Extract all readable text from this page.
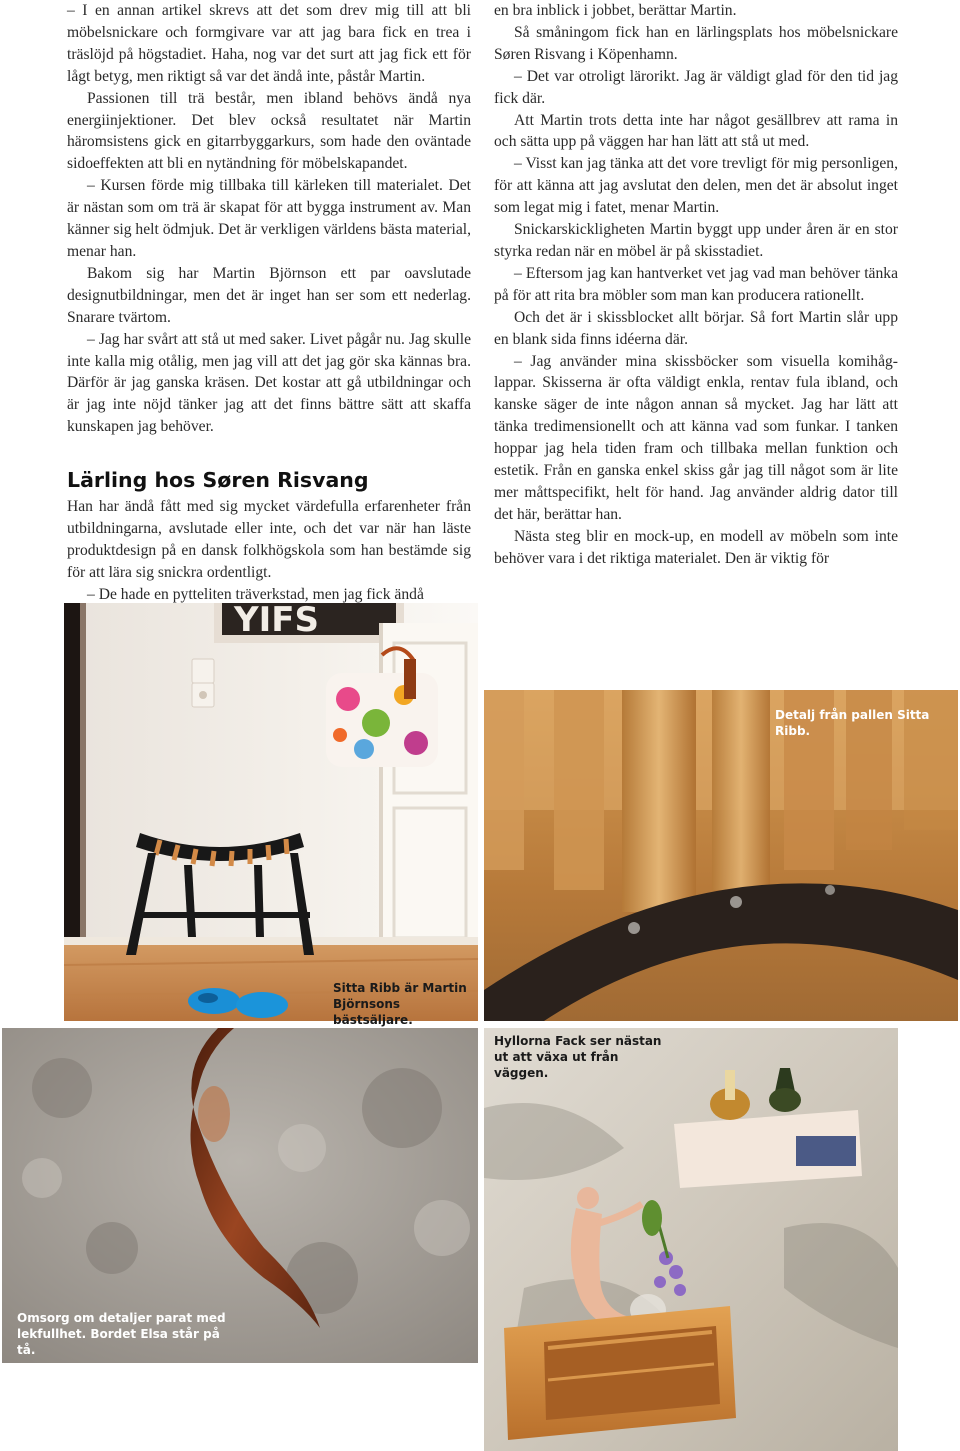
– I en annan artikel skrevs att det som drev mig till att bli möbelsnickare och formgivare var att jag bara fick en trea i träslöjd på högstadiet. Haha, nog var det surt att jag fick ett för lågt betyg, men riktigt så var det ändå inte, påstår Martin.

Passionen till trä består, men ibland behövs ändå nya energiinjektioner. Det blev också resultatet när Martin häromsistens gick en gitarrbyggarkurs, som hade den oväntade sidoeffekten att bli en nytändning för möbelskapandet.

– Kursen förde mig tillbaka till kärleken till materialet. Det är nästan som om trä är skapat för att bygga instrument av. Man känner sig helt ödmjuk. Det är verkligen världens bästa material, menar han.

Bakom sig har Martin Björnson ett par oavslutade designutbildningar, men det är inget han ser som ett nederlag. Snarare tvärtom.

– Jag har svårt att stå ut med saker. Livet pågår nu. Jag skulle inte kalla mig otålig, men jag vill att det jag gör ska kännas bra. Därför är jag ganska kräsen. Det kostar att gå utbildningar och är jag inte nöjd tänker jag att det finns bättre sätt att skaffa kunskapen jag behöver.

Lärling hos Søren Risvang

Han har ändå fått med sig mycket värdefulla erfarenheter från utbildningarna, avslutade eller inte, och det var när han läste produktdesign på en dansk folkhögskola som han bestämde sig för att lära sig snickra ordentligt.

– De hade en pytteliten träverkstad, men jag fick ändå

en bra inblick i jobbet, berättar Martin.

Så småningom fick han en lärlingsplats hos möbelsnickare Søren Risvang i Köpenhamn.

– Det var otroligt lärorikt. Jag är väldigt glad för den tid jag fick där.

Att Martin trots detta inte har något gesällbrev att rama in och sätta upp på väggen har han lätt att stå ut med.

– Visst kan jag tänka att det vore trevligt för mig personligen, för att känna att jag avslutat den delen, men det är absolut inget som legat mig i fatet, menar Martin.

Snickarskickligheten Martin byggt upp under åren är en stor styrka redan när en möbel är på skisstadiet.

– Eftersom jag kan hantverket vet jag vad man behöver tänka på för att rita bra möbler som man kan producera rationellt.

Och det är i skissblocket allt börjar. Så fort Martin slår upp en blank sida finns idéerna där.

– Jag använder mina skissböcker som visuella komihåg-lappar. Skisserna är ofta väldigt enkla, rentav fula ibland, och kanske säger de inte någon annan så mycket. Jag har lätt att tänka tredimensionellt och att känna vad som funkar. I tanken hoppar jag hela tiden fram och tillbaka mellan funktion och estetik. Från en ganska enkel skiss går jag till något som är lite mer måttspecifikt, helt för hand. Jag använder aldrig dator till det här, berättar han.

Nästa steg blir en mock-up, en modell av möbeln som inte behöver vara i det riktiga materialet. Den är viktig för

YIFS
Sitta Ribb är Martin Björnsons bästsäljare.
Detalj från pallen Sitta Ribb.
Omsorg om detaljer parat med lekfullhet. Bordet Elsa står på tå.
Hyllorna Fack ser nästan ut att växa ut från väggen.
